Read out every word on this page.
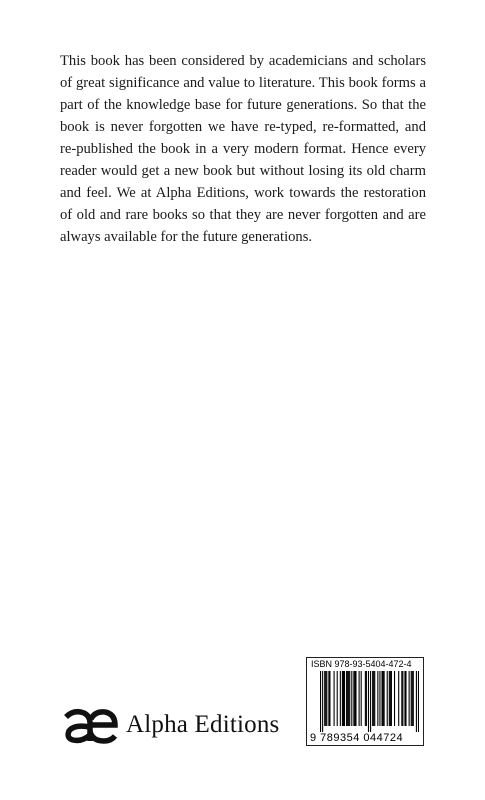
This book has been considered by academicians and scholars
of great significance and value to literature. This book forms a
part of the knowledge base for future generations. So that the
book is never forgotten we have re-typed, re-formatted, and
re-published the book in a very modern format. Hence every
reader would get a new book but without losing its old charm
and feel. We at Alpha Editions, work towards the restoration
of old and rare books so that they are never forgotten and are
always available for the future generations.
Alpha Editions
ISBN 978-93-5404-472-4
9 789354 044724
